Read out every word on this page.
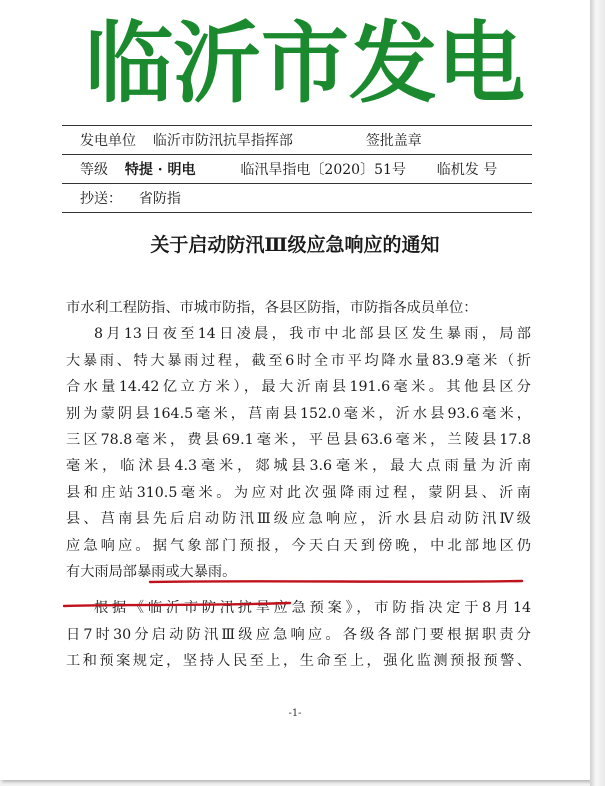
临沂市发电
发电单位 临沂市防汛抗旱指挥部	签批盖章
等级 特提 · 明电	临汛旱指电〔2020〕51号 临机发 号
抄送： 省防指
关于启动防汛Ⅲ级应急响应的通知
市水利工程防指、市城市防指，各县区防指，市防指各成员单位：
8月13日夜至14日凌晨，我市中北部县区发生暴雨，局部
大暴雨、特大暴雨过程，截至6时全市平均降水量83.9毫米（折
合水量14.42亿立方米），最大沂南县191.6毫米。其他县区分
别为蒙阴县164.5毫米，莒南县152.0毫米，沂水县93.6毫米，
三区78.8毫米，费县69.1毫米，平邑县63.6毫米，兰陵县17.8
毫米，临沭县4.3毫米，郯城县3.6毫米，最大点雨量为沂南
县和庄站310.5毫米。为应对此次强降雨过程，蒙阴县、沂南
县、莒南县先后启动防汛Ⅲ级应急响应，沂水县启动防汛Ⅳ级
应急响应。据气象部门预报，今天白天到傍晚，中北部地区仍
有大雨局部暴雨或大暴雨。
根据《临沂市防汛抗旱应急预案》，市防指决定于8月14
日7时30分启动防汛Ⅲ级应急响应。各级各部门要根据职责分
工和预案规定，坚持人民至上，生命至上，强化监测预报预警、
-1-
